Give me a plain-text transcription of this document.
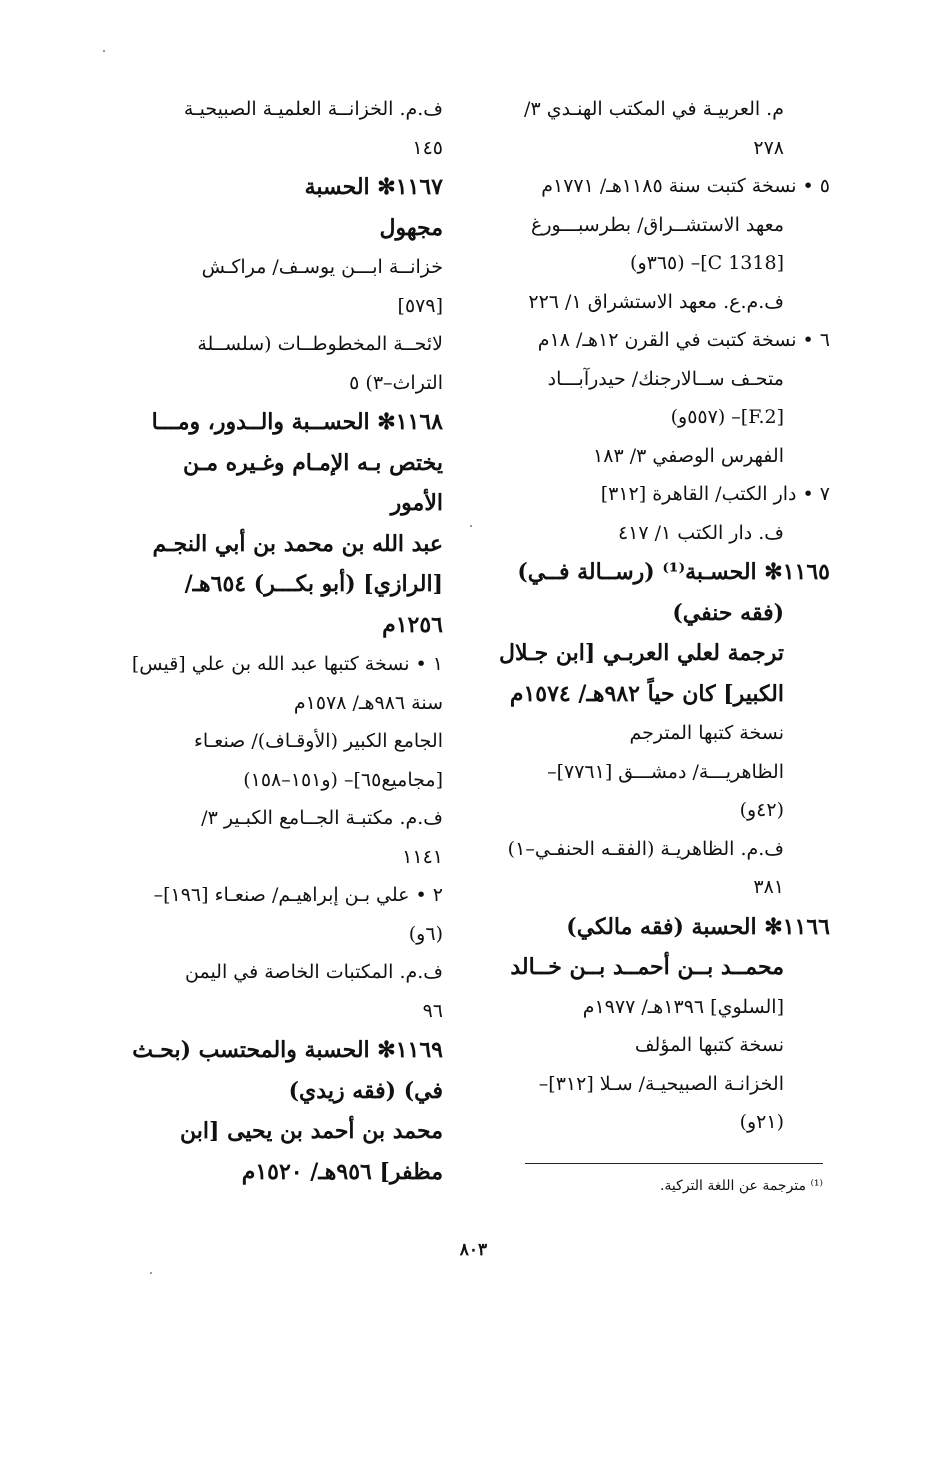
م. العربيـة في المكتب الهنـدي ٣/
٢٧٨
٥ • نسخة كتبت سنة ١١٨٥هـ/ ١٧٧١م
معهد الاستشــراق/ بطرسبـــورغ
[C 1318]– (٣٦٥و)
ف.م.ع. معهد الاستشراق ١/ ٢٢٦
٦ • نسخة كتبت في القرن ١٢هـ/ ١٨م
متحـف ســالارجنك/ حيدرآبـــاد
[F.2]– (٥٥٧و)
الفهرس الوصفي ٣/ ١٨٣
٧ • دار الكتب/ القاهرة [٣١٢]
ف. دار الكتب ١/ ٤١٧
١١٦٥✻ الحسـبة⁽¹⁾ (رســالة فــي)
(فقه حنفي)
ترجمة لعلي العربـي [ابن جـلال
الكبير] كان حياً ٩٨٢هـ/ ١٥٧٤م
نسخة كتبها المترجم
الظاهريـــة/ دمشـــق [٧٧٦١]–
(٤٢و)
ف.م. الظاهريـة (الفقـه الحنفـي–١)
٣٨١
١١٦٦✻ الحسبة (فقه مالكي)
محمــد بــن أحمــد بــن خــالد
[السلوي] ١٣٩٦هـ/ ١٩٧٧م
نسخة كتبها المؤلف
الخزانـة الصبيحيـة/ سـلا [٣١٢]–
(٢١و)
ف.م. الخزانــة العلميـة الصبيحيـة
١٤٥
١١٦٧✻ الحسبة
مجهول
خزانــة ابـــن يوسـف/ مراكـش
[٥٧٩]
لائحــة المخطوطــات (سلســلة
التراث–٣) ٥
١١٦٨✻ الحســبة والــدور، ومـــا
يختص بـه الإمـام وغـيره مـن
الأمور
عبد الله بن محمد بن أبي النجـم
[الرازي] (أبو بكـــر) ٦٥٤هـ/
١٢٥٦م
١ • نسخة كتبها عبد الله بن علي [قيس]
سنة ٩٨٦هـ/ ١٥٧٨م
الجامع الكبير (الأوقـاف)/ صنعـاء
[مجاميع٦٥]– (و١٥١–١٥٨)
ف.م. مكتبـة الجــامع الكبـير ٣/
١١٤١
٢ • علي بـن إبراهيـم/ صنعـاء [١٩٦]–
(٦و)
ف.م. المكتبات الخاصة في اليمن
٩٦
١١٦٩✻ الحسبة والمحتسب (بحـث
في) (فقه زيدي)
محمد بن أحمد بن يحيى [ابن
مظفر] ٩٥٦هـ/ ١٥٢٠م
⁽¹⁾ مترجمة عن اللغة التركية.
٨٠٣
